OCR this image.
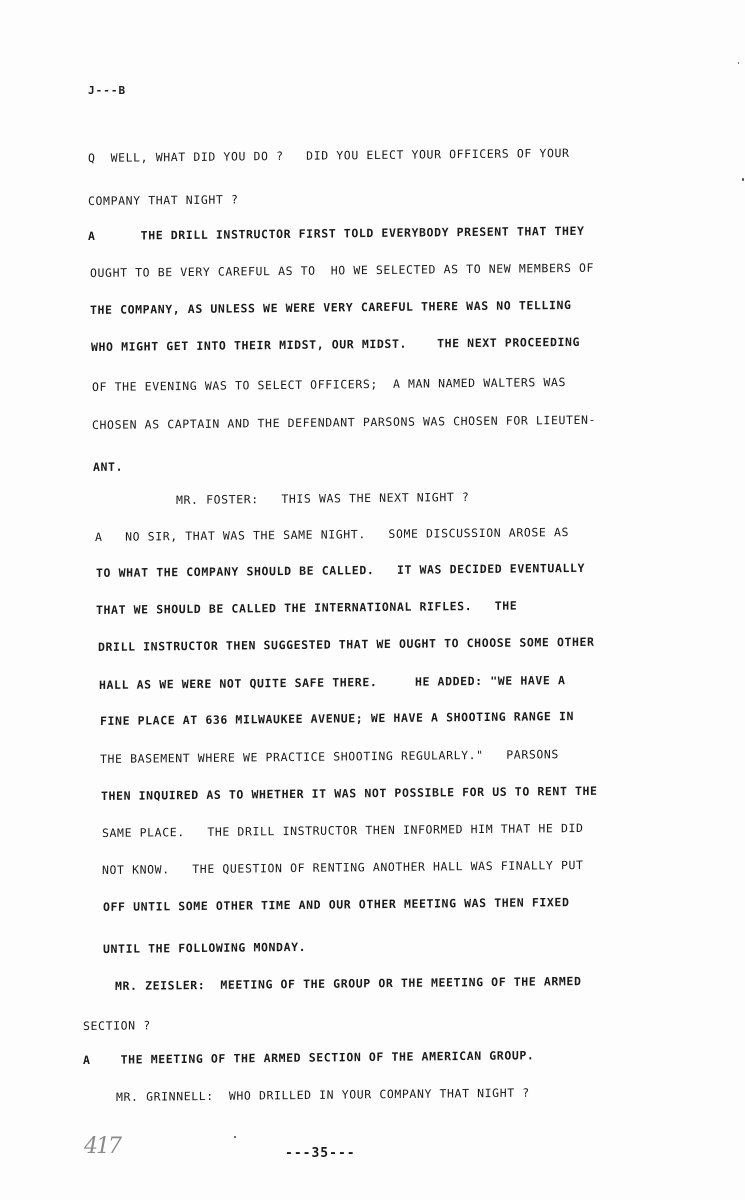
J---B
Q  WELL, WHAT DID YOU DO ?   DID YOU ELECT YOUR OFFICERS OF YOUR
COMPANY THAT NIGHT ?
A      THE DRILL INSTRUCTOR FIRST TOLD EVERYBODY PRESENT THAT THEY
OUGHT TO BE VERY CAREFUL AS TO  HO WE SELECTED AS TO NEW MEMBERS OF
THE COMPANY, AS UNLESS WE WERE VERY CAREFUL THERE WAS NO TELLING
WHO MIGHT GET INTO THEIR MIDST, OUR MIDST.    THE NEXT PROCEEDING
OF THE EVENING WAS TO SELECT OFFICERS;  A MAN NAMED WALTERS WAS
CHOSEN AS CAPTAIN AND THE DEFENDANT PARSONS WAS CHOSEN FOR LIEUTEN-
ANT.
MR. FOSTER:   THIS WAS THE NEXT NIGHT ?
A   NO SIR, THAT WAS THE SAME NIGHT.   SOME DISCUSSION AROSE AS
TO WHAT THE COMPANY SHOULD BE CALLED.   IT WAS DECIDED EVENTUALLY
THAT WE SHOULD BE CALLED THE INTERNATIONAL RIFLES.   THE
DRILL INSTRUCTOR THEN SUGGESTED THAT WE OUGHT TO CHOOSE SOME OTHER
HALL AS WE WERE NOT QUITE SAFE THERE.     HE ADDED: "WE HAVE A
FINE PLACE AT 636 MILWAUKEE AVENUE; WE HAVE A SHOOTING RANGE IN
THE BASEMENT WHERE WE PRACTICE SHOOTING REGULARLY."   PARSONS
THEN INQUIRED AS TO WHETHER IT WAS NOT POSSIBLE FOR US TO RENT THE
SAME PLACE.   THE DRILL INSTRUCTOR THEN INFORMED HIM THAT HE DID
NOT KNOW.   THE QUESTION OF RENTING ANOTHER HALL WAS FINALLY PUT
OFF UNTIL SOME OTHER TIME AND OUR OTHER MEETING WAS THEN FIXED
UNTIL THE FOLLOWING MONDAY.
MR. ZEISLER:  MEETING OF THE GROUP OR THE MEETING OF THE ARMED
SECTION ?
A    THE MEETING OF THE ARMED SECTION OF THE AMERICAN GROUP.
MR. GRINNELL:  WHO DRILLED IN YOUR COMPANY THAT NIGHT ?
417	---35---
